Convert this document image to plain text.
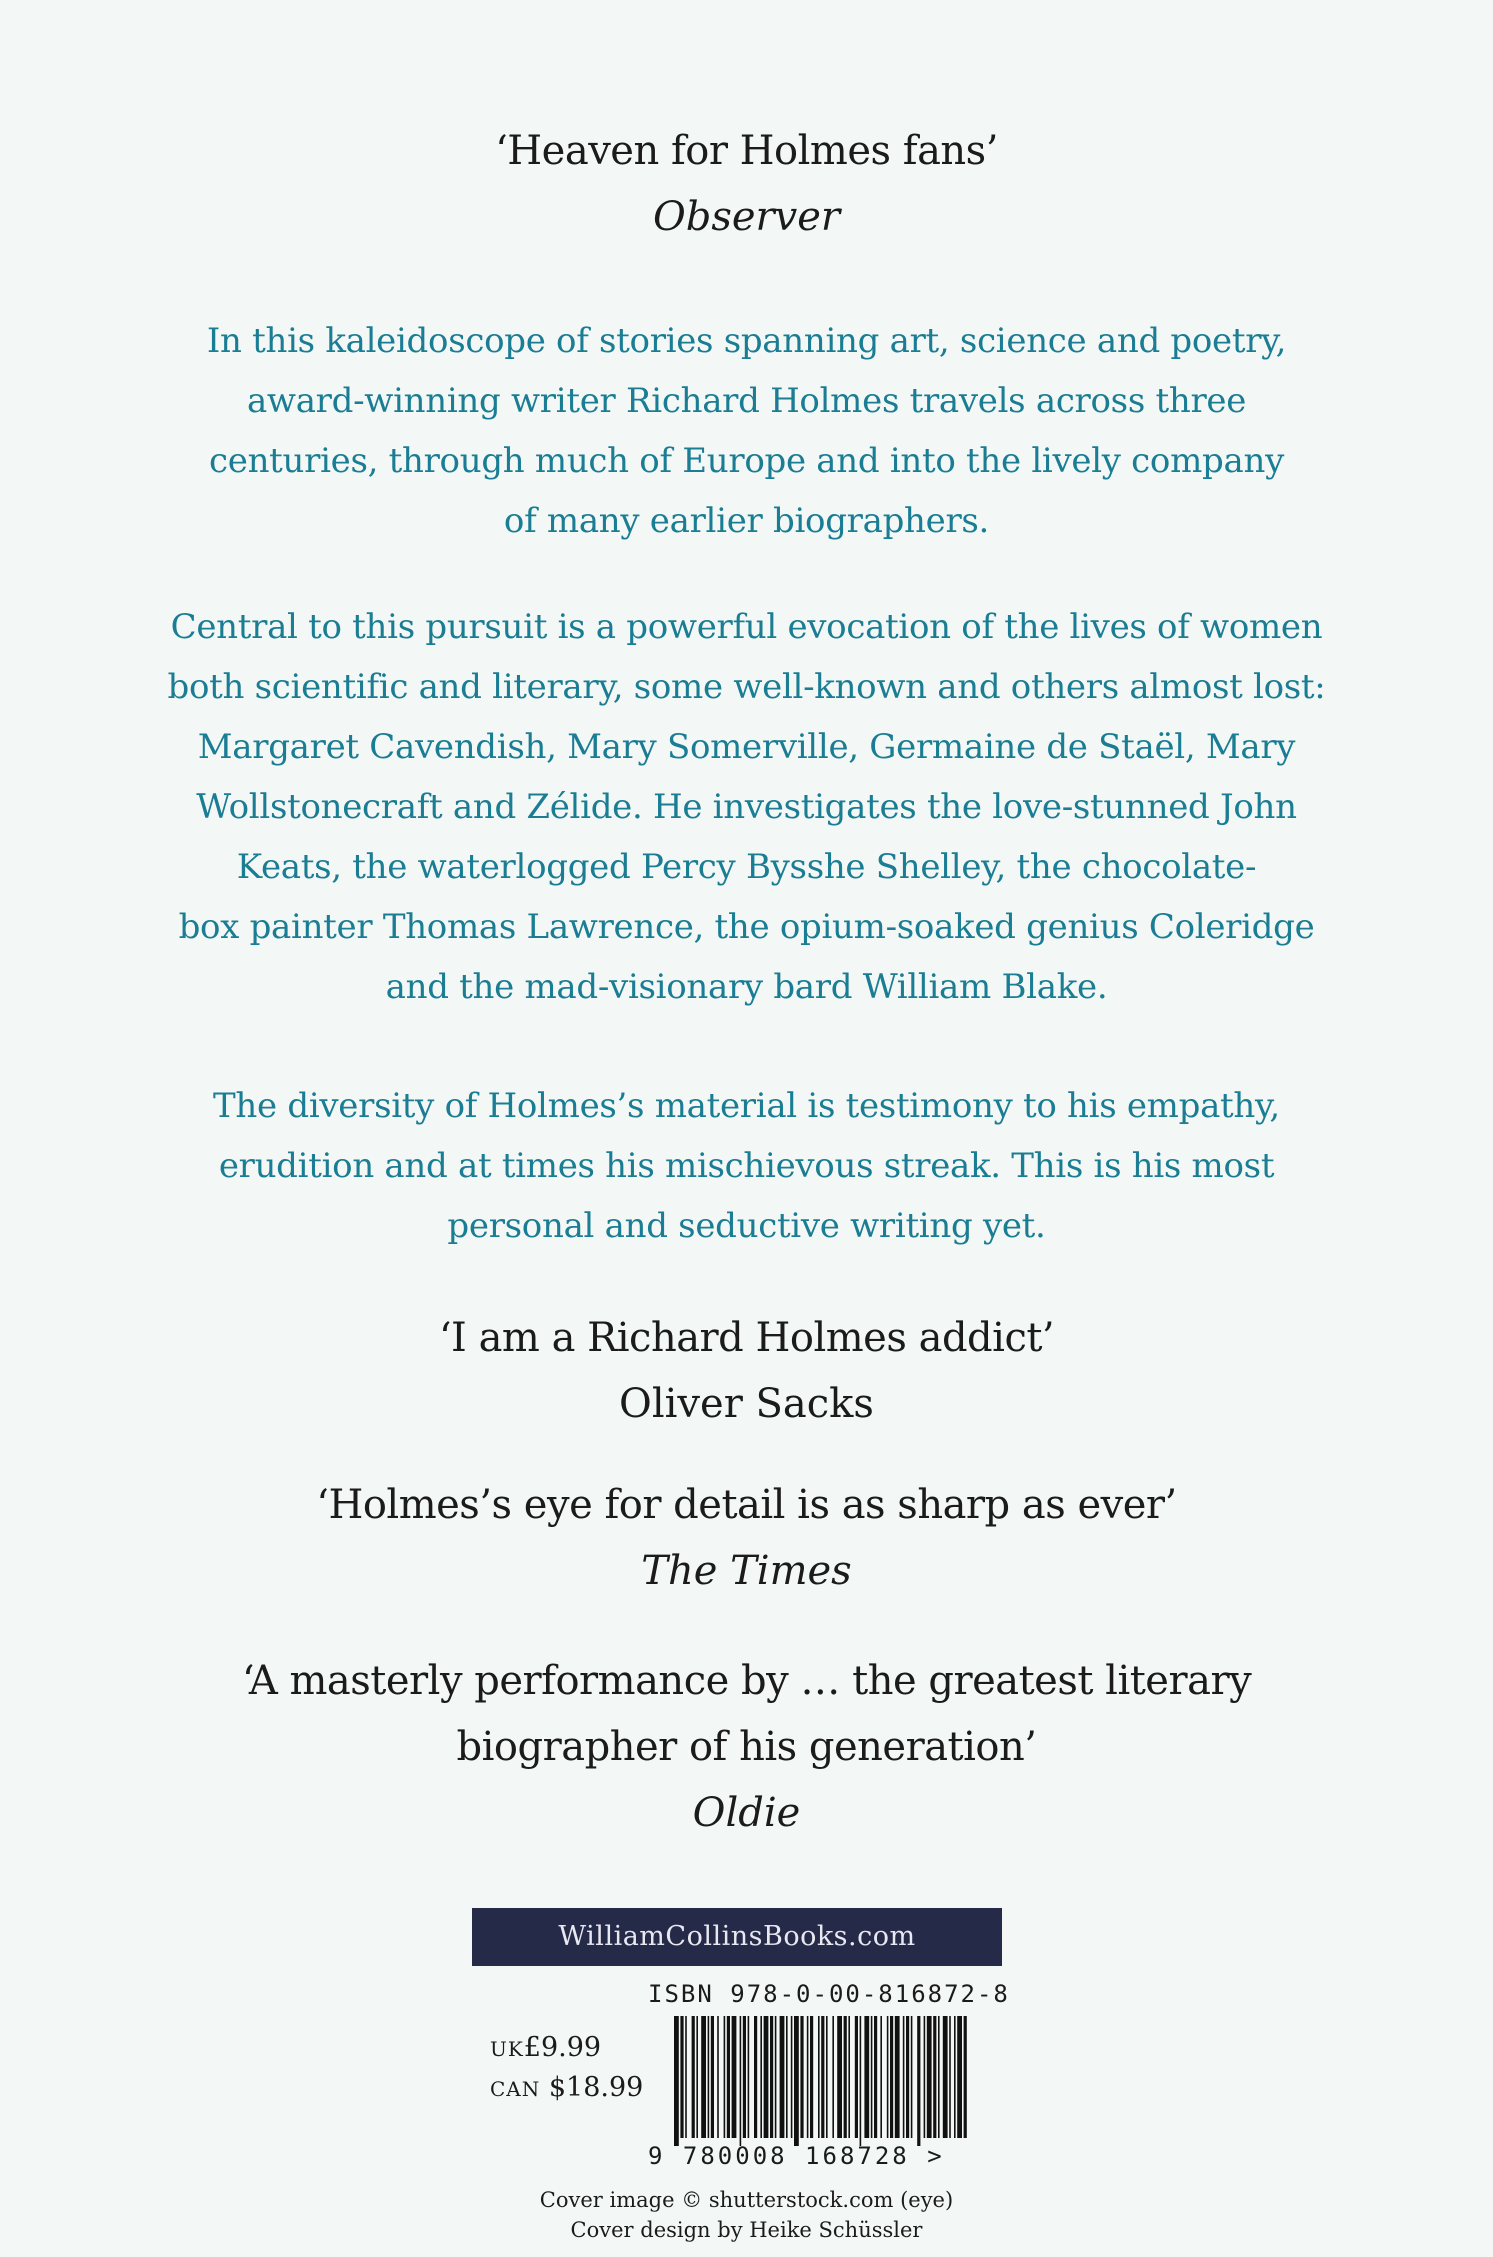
‘Heaven for Holmes fans’
Observer

In this kaleidoscope of stories spanning art, science and poetry,

award-winning writer Richard Holmes travels across three

centuries, through much of Europe and into the lively company

of many earlier biographers.

Central to this pursuit is a powerful evocation of the lives of women

both scientific and literary, some well-known and others almost lost:

Margaret Cavendish, Mary Somerville, Germaine de Staël, Mary

Wollstonecraft and Zélide. He investigates the love-stunned John

Keats, the waterlogged Percy Bysshe Shelley, the chocolate-

box painter Thomas Lawrence, the opium-soaked genius Coleridge

and the mad-visionary bard William Blake.

The diversity of Holmes’s material is testimony to his empathy,

erudition and at times his mischievous streak. This is his most

personal and seductive writing yet.

‘I am a Richard Holmes addict’
Oliver Sacks
‘Holmes’s eye for detail is as sharp as ever’
The Times
‘A masterly performance by … the greatest literary
biographer of his generation’
Oldie
WilliamCollinsBooks.com
ISBN 978-0-00-816872-8
UK£9.99
CAN $18.99
9 780008 168728 >
Cover image © shutterstock.com (eye)
Cover design by Heike Schüssler
